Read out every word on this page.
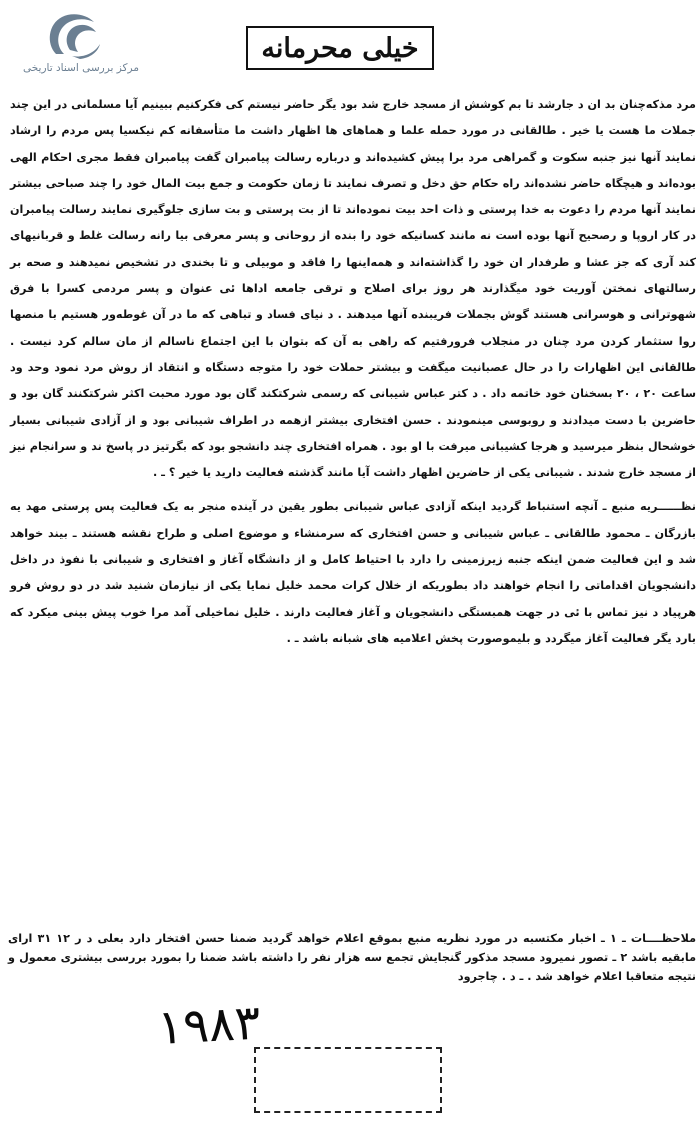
مرکز بررسی اسناد تاریخی
خیلی محرمانه

مرد مذکه‌چنان بد ان د جارشد تا بم کوشش از مسجد خارج شد بود یگر حاضر نیستم کی فکرکنیم ببینیم آیا مسلمانی در این چند جملات ما هست یا خیر . طالقانی در مورد حمله علما و هماهای ها اظهار داشت ما متأسفانه کم نیکسیا پس مردم را ارشاد نمایند آنها نیز جنبه سکوت و گمراهی مرد برا پیش کشیده‌اند و درباره رسالت پیامبران گفت پیامبران فقط مجری احکام الهی بوده‌اند و هیچگاه حاضر نشده‌اند راه حکام حق دخل و تصرف نمایند تا زمان حکومت و جمع بیت المال خود را چند صباحی بیشتر نمایند آنها مردم را دعوت به خدا پرستی و ذات احد بیت نموده‌اند تا از بت پرستی و بت سازی جلوگیری نمایند رسالت پیامبران در کار اروپا و رصحیح آنها بوده است نه مانند کسانیکه خود را بنده از روحانی و پسر معرفی بیا رانه رسالت غلط و قربانیهای کند آری که جز عشا و طرفدار ان خود را گذاشته‌اند و همه‌اینها را فاقد و موبیلی و تا بخندی در تشخیص نمیدهند و صحه بر رسالتهای نمختن آوریت خود میگذارند هر روز برای اصلاح و ترقی جامعه اداها ئی عنوان و پسر مردمی کسرا با فرق شهوترانی و هوسرانی هستند گوش بجملات فریبنده آنها میدهند . د نیای فساد و تباهی که ما در آن غوطه‌ور هستیم با منصها روا ستثمار کردن مرد چنان در منجلاب فرورفتیم که راهی به آن که بتوان با این اجتماع ناسالم از مان سالم کرد نیست . طالقانی این اظهارات را در حال عصبانیت میگفت و بیشتر حملات خود را متوجه دستگاه و انتقاد از روش مرد نمود وحد ود ساعت ۲۰ ، ۲۰ بسخنان خود خاتمه داد . د کتر عباس شیبانی که رسمی شرکتکند گان بود مورد محبت اکثر شرکتکنند گان بود و حاضرین با دست میدادند و روبوسی مینمودند . حسن افتخاری بیشتر ازهمه در اطراف شیبانی بود و از آزادی شیبانی بسیار خوشحال بنظر میرسید و هرجا کشیبانی میرفت با او بود . همراه افتخاری چند دانشجو بود که بگرتیز در پاسخ ند و سرانجام نیز از مسجد خارج شدند . شیبانی یکی از حاضرین اظهار داشت آیا مانند گذشته فعالیت دارید یا خیر ؟ ـ .

نظــــــریه منبع ـ آنچه استنباط گردید اینکه آزادی عباس شیبانی بطور یقین در آینده منجر به یک فعالیت پس پرستی مهد یه بازرگان ـ محمود طالقانی ـ عباس شیبانی و حسن افتخاری که سرمنشاء و موضوع اصلی و طراح نقشه هستند ـ بیند خواهد شد و این فعالیت ضمن اینکه جنبه زیرزمینی را دارد با احتیاط کامل و از دانشگاه آغاز و افتخاری و شیبانی با نفوذ در داخل دانشجویان اقداماتی را انجام خواهند داد بطوریکه از خلال کرات محمد خلیل نمایا یکی از نیازمان شنید شد در دو روش فرو هرپیاد د نیز تماس با ئی در جهت همبستگی دانشجویان و آغاز فعالیت دارند . خلیل نماخیلی آمد مرا خوب پیش بینی میکرد که بارد یگر فعالیت آغاز میگردد و بلیموصورت پخش اعلامیه های شبانه باشد ـ .

ملاحظــــات ـ ۱ ـ اخبار مکتسبه در مورد نظریه منبع بموقع اعلام خواهد گردید ضمنا حسن افتخار دارد بعلی د ر ۱۲ ۳۱ ارای مابقیه باشد ۲ ـ تصور نمیرود مسجد مذکور گنجایش تجمع سه هزار نفر را داشته باشد ضمنا را بمورد بررسی بیشتری معمول و نتیجه متعاقبا اعلام خواهد شد . ـ د . چاجرود

۱۹۸۳
